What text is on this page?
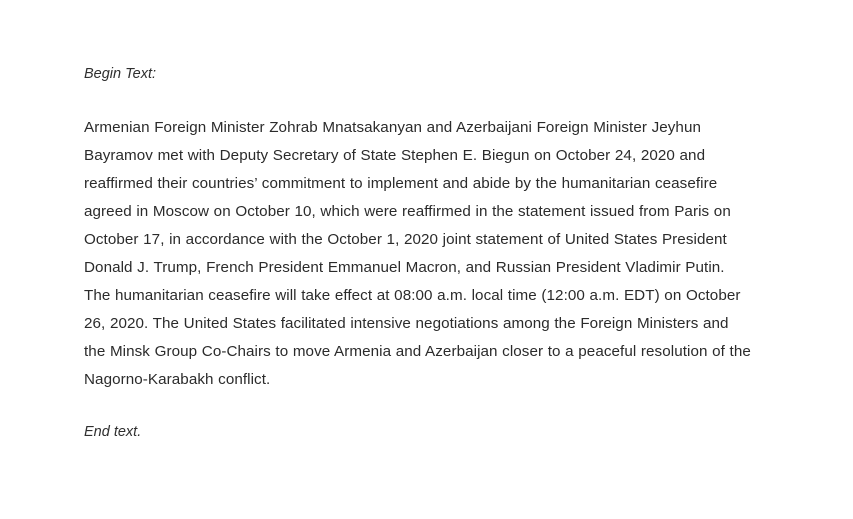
Begin Text:

Armenian Foreign Minister Zohrab Mnatsakanyan and Azerbaijani Foreign Minister Jeyhun Bayramov met with Deputy Secretary of State Stephen E. Biegun on October 24, 2020 and reaffirmed their countries’ commitment to implement and abide by the humanitarian ceasefire agreed in Moscow on October 10, which were reaffirmed in the statement issued from Paris on October 17, in accordance with the October 1, 2020 joint statement of United States President Donald J. Trump, French President Emmanuel Macron, and Russian President Vladimir Putin. The humanitarian ceasefire will take effect at 08:00 a.m. local time (12:00 a.m. EDT) on October 26, 2020. The United States facilitated intensive negotiations among the Foreign Ministers and the Minsk Group Co-Chairs to move Armenia and Azerbaijan closer to a peaceful resolution of the Nagorno-Karabakh conflict.

End text.
